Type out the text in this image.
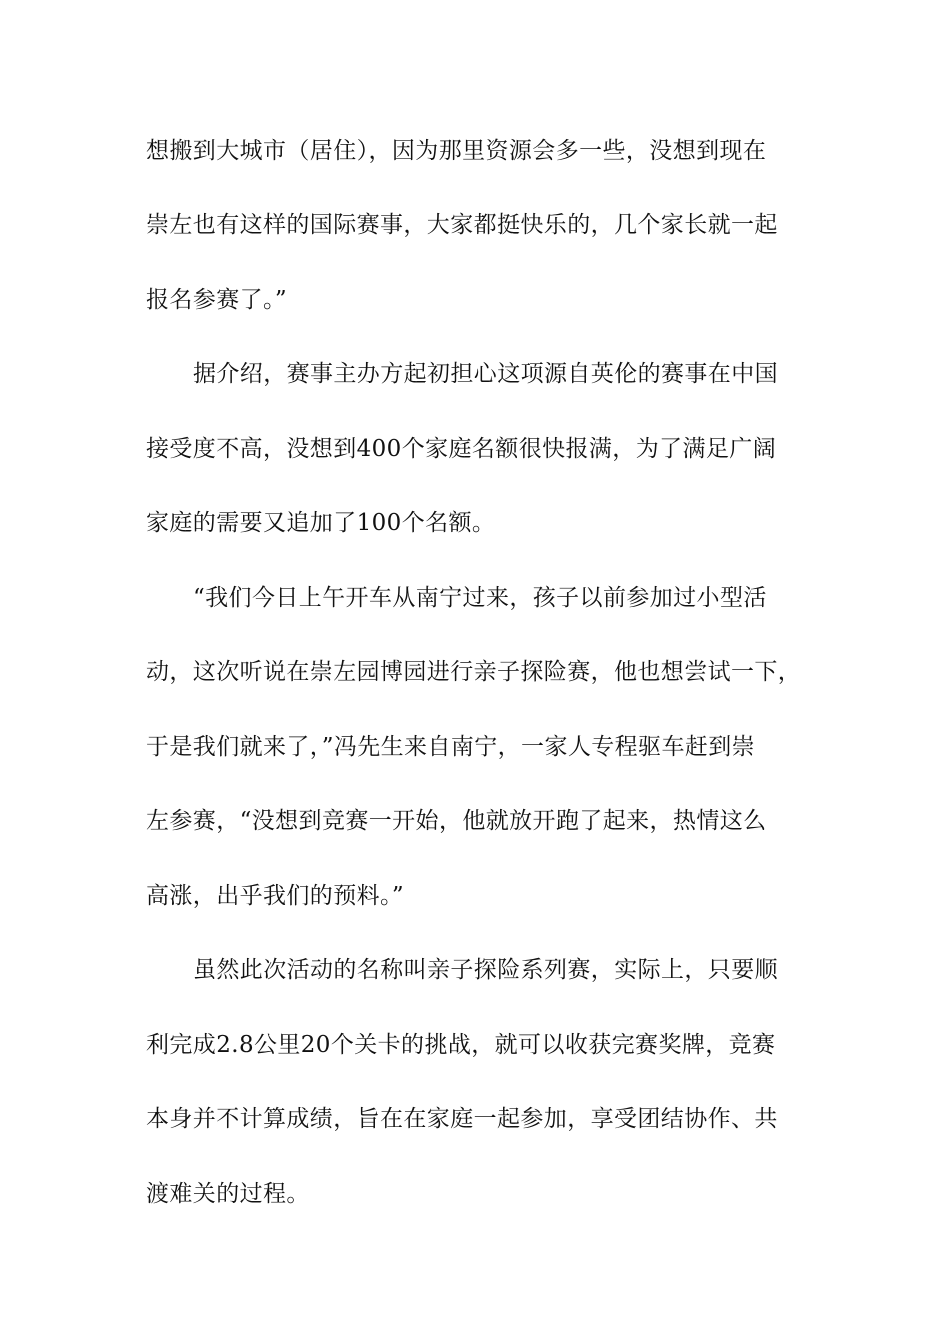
想搬到大城市（居住），因为那里资源会多一些，没想到现在
崇左也有这样的国际赛事，大家都挺快乐的，几个家长就一起
报名参赛了。”
据介绍，赛事主办方起初担心这项源自英伦的赛事在中国
接受度不高，没想到400个家庭名额很快报满，为了满足广阔
家庭的需要又追加了100个名额。
“我们今日上午开车从南宁过来，孩子以前参加过小型活
动，这次听说在崇左园博园进行亲子探险赛，他也想尝试一下，
于是我们就来了，”冯先生来自南宁，一家人专程驱车赶到崇
左参赛，“没想到竞赛一开始，他就放开跑了起来，热情这么
高涨，出乎我们的预料。”
虽然此次活动的名称叫亲子探险系列赛，实际上，只要顺
利完成2.8公里20个关卡的挑战，就可以收获完赛奖牌，竞赛
本身并不计算成绩，旨在在家庭一起参加，享受团结协作、共
渡难关的过程。
